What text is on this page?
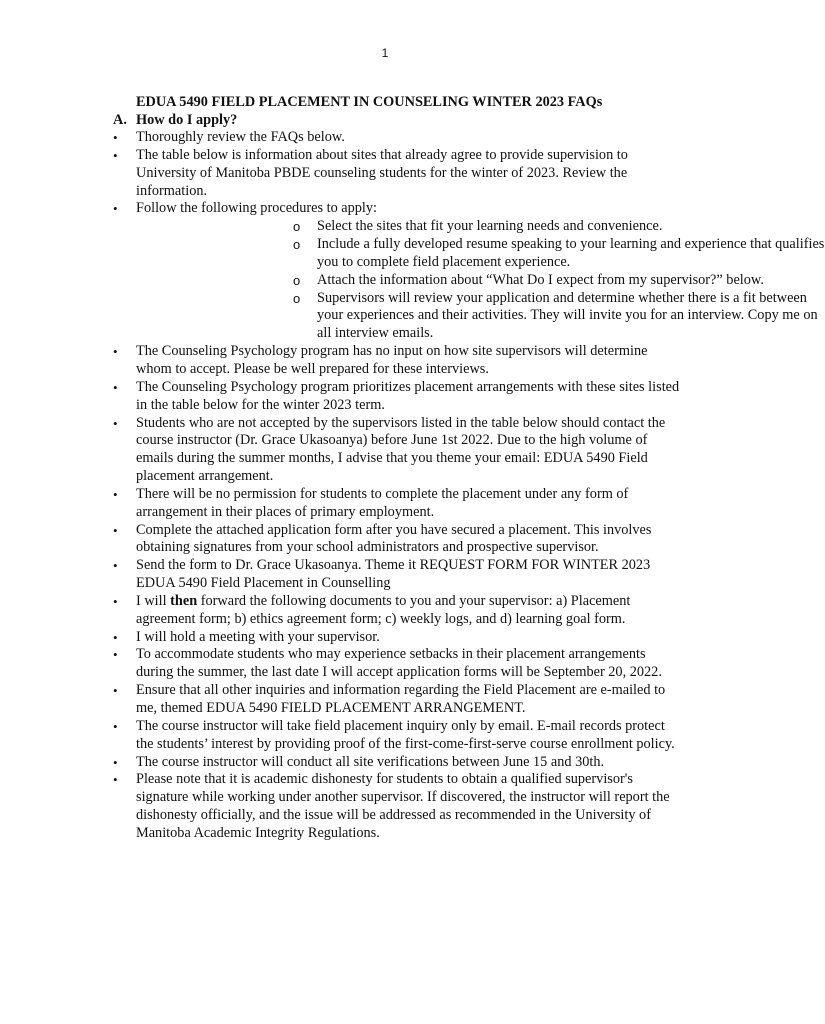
1
EDUA 5490 FIELD PLACEMENT IN COUNSELING WINTER 2023 FAQs
A. How do I apply?
• Thoroughly review the FAQs below.
• The table below is information about sites that already agree to provide supervision to University of Manitoba PBDE counseling students for the winter of 2023. Review the information.
• Follow the following procedures to apply:
o Select the sites that fit your learning needs and convenience.
o Include a fully developed resume speaking to your learning and experience that qualifies you to complete field placement experience.
o Attach the information about “What Do I expect from my supervisor?” below.
o Supervisors will review your application and determine whether there is a fit between your experiences and their activities. They will invite you for an interview. Copy me on all interview emails.
• The Counseling Psychology program has no input on how site supervisors will determine whom to accept. Please be well prepared for these interviews.
• The Counseling Psychology program prioritizes placement arrangements with these sites listed in the table below for the winter 2023 term.
• Students who are not accepted by the supervisors listed in the table below should contact the course instructor (Dr. Grace Ukasoanya) before June 1st 2022. Due to the high volume of emails during the summer months, I advise that you theme your email: EDUA 5490 Field placement arrangement.
• There will be no permission for students to complete the placement under any form of arrangement in their places of primary employment.
• Complete the attached application form after you have secured a placement. This involves obtaining signatures from your school administrators and prospective supervisor.
• Send the form to Dr. Grace Ukasoanya. Theme it REQUEST FORM FOR WINTER 2023 EDUA 5490 Field Placement in Counselling
• I will then forward the following documents to you and your supervisor: a) Placement agreement form; b) ethics agreement form; c) weekly logs, and d) learning goal form.
• I will hold a meeting with your supervisor.
• To accommodate students who may experience setbacks in their placement arrangements during the summer, the last date I will accept application forms will be September 20, 2022.
• Ensure that all other inquiries and information regarding the Field Placement are e-mailed to me, themed EDUA 5490 FIELD PLACEMENT ARRANGEMENT.
• The course instructor will take field placement inquiry only by email. E-mail records protect the students’ interest by providing proof of the first-come-first-serve course enrollment policy.
• The course instructor will conduct all site verifications between June 15 and 30th.
• Please note that it is academic dishonesty for students to obtain a qualified supervisor's signature while working under another supervisor. If discovered, the instructor will report the dishonesty officially, and the issue will be addressed as recommended in the University of Manitoba Academic Integrity Regulations.
